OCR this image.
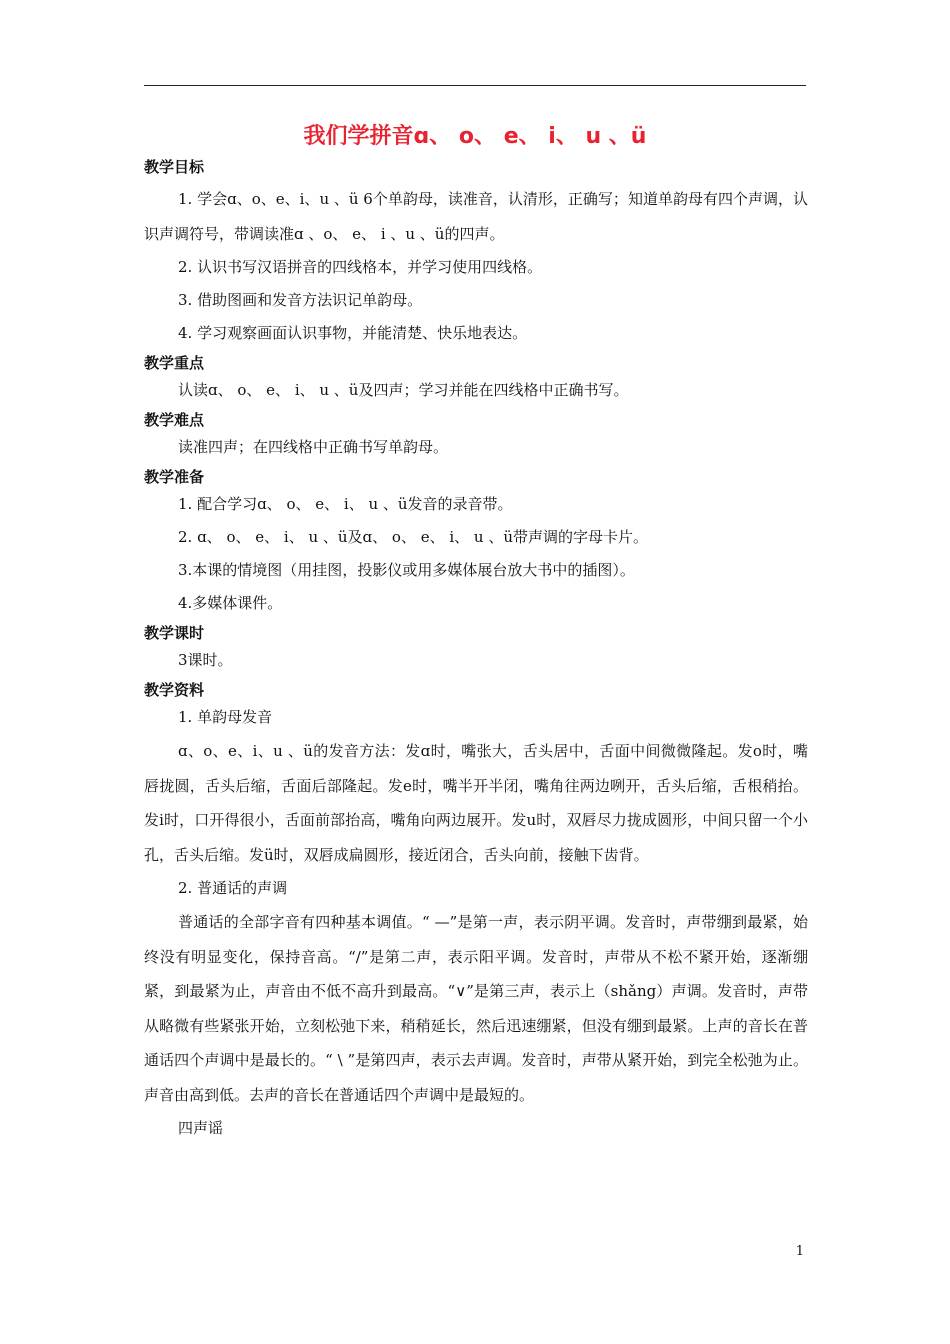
我们学拼音ɑ、 o、 e、 i、 u 、ü

教学目标

1. 学会ɑ、o、e、i、u 、ü 6个单韵母，读准音，认清形，正确写；知道单韵母有四个声调，认识声调符号，带调读准ɑ 、o、 e、 i 、u 、ü的四声。

2. 认识书写汉语拼音的四线格本，并学习使用四线格。

3. 借助图画和发音方法识记单韵母。

4. 学习观察画面认识事物，并能清楚、快乐地表达。

教学重点

认读ɑ、 o、 e、 i、 u 、ü及四声；学习并能在四线格中正确书写。

教学难点

读准四声；在四线格中正确书写单韵母。

教学准备

1. 配合学习ɑ、 o、 e、 i、 u 、ü发音的录音带。

2. ɑ、 o、 e、 i、 u 、ü及ɑ、 o、 e、 i、 u 、ü带声调的字母卡片。

3.本课的情境图（用挂图，投影仪或用多媒体展台放大书中的插图）。

4.多媒体课件。

教学课时

3课时。

教学资料

1. 单韵母发音

ɑ、o、e、i、u 、ü的发音方法：发ɑ时，嘴张大，舌头居中，舌面中间微微隆起。发o时，嘴唇拢圆，舌头后缩，舌面后部隆起。发e时，嘴半开半闭，嘴角往两边咧开，舌头后缩，舌根稍抬。发i时，口开得很小，舌面前部抬高，嘴角向两边展开。发u时，双唇尽力拢成圆形，中间只留一个小孔，舌头后缩。发ü时，双唇成扁圆形，接近闭合，舌头向前，接触下齿背。

2. 普通话的声调

普通话的全部字音有四种基本调值。“ —”是第一声，表示阴平调。发音时，声带绷到最紧，始终没有明显变化，保持音高。“/”是第二声，表示阳平调。发音时，声带从不松不紧开始，逐渐绷紧，到最紧为止，声音由不低不高升到最高。“∨”是第三声，表示上（shǎng）声调。发音时，声带从略微有些紧张开始，立刻松弛下来，稍稍延长，然后迅速绷紧，但没有绷到最紧。上声的音长在普通话四个声调中是最长的。“ \ ”是第四声，表示去声调。发音时，声带从紧开始，到完全松弛为止。声音由高到低。去声的音长在普通话四个声调中是最短的。

四声谣

1
